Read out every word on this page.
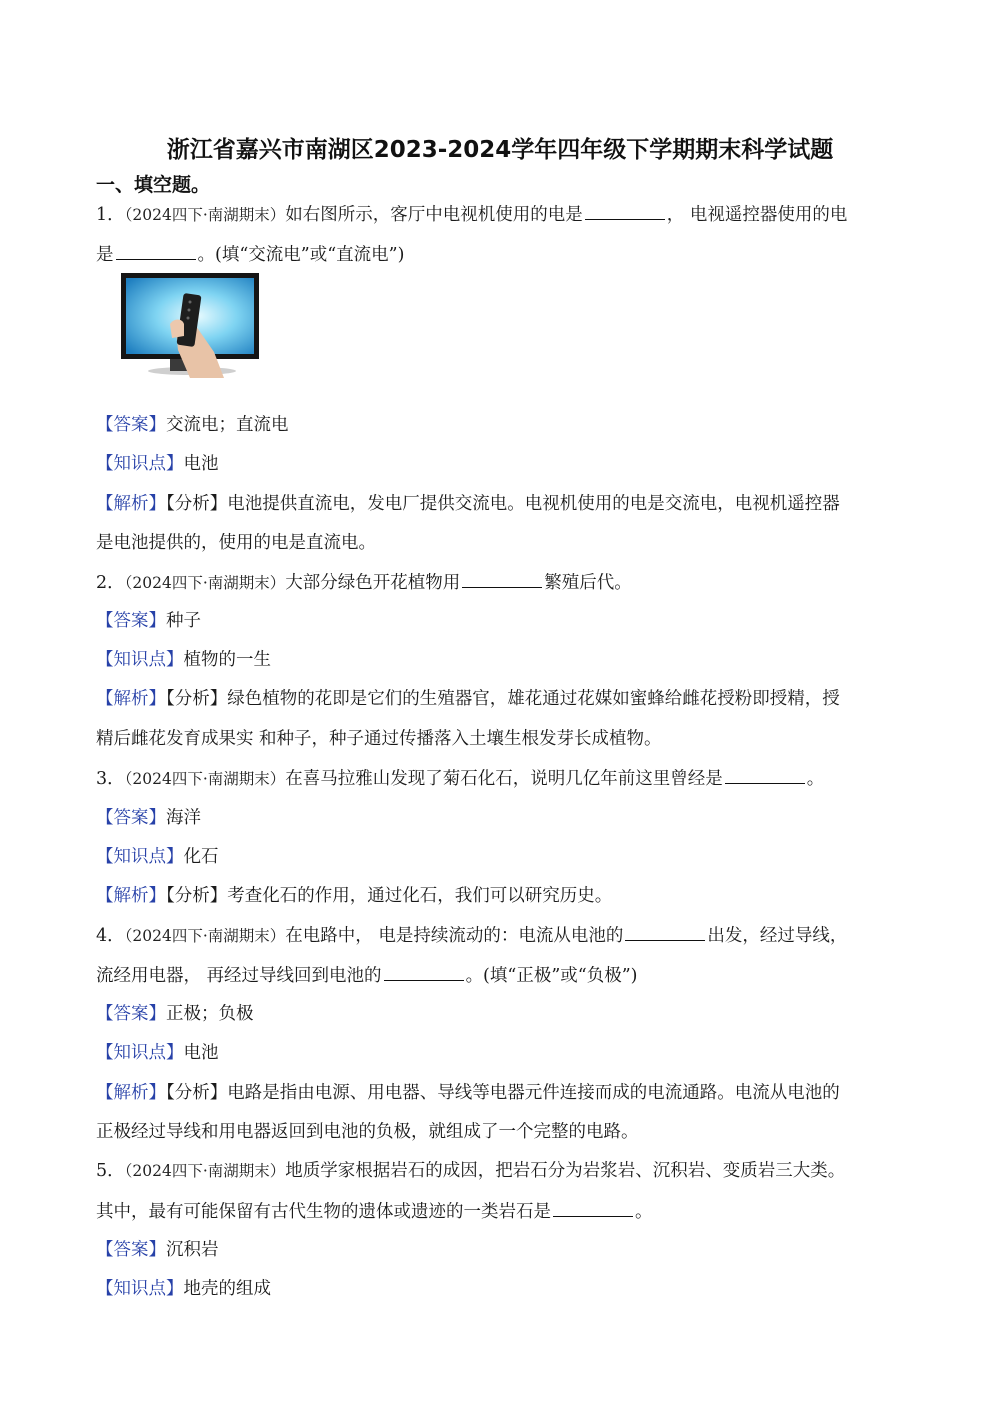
浙江省嘉兴市南湖区2023-2024学年四年级下学期期末科学试题
一、填空题。
1．（2024四下·南湖期末）如右图所示，客厅中电视机使用的电是	， 电视遥控器使用的电
是	。(填“交流电”或“直流电”)
【答案】交流电；直流电
【知识点】电池
【解析】【分析】电池提供直流电，发电厂提供交流电。电视机使用的电是交流电，电视机遥控器
是电池提供的，使用的电是直流电。
2．（2024四下·南湖期末）大部分绿色开花植物用	繁殖后代。
【答案】种子
【知识点】植物的一生
【解析】【分析】绿色植物的花即是它们的生殖器官，雄花通过花媒如蜜蜂给雌花授粉即授精，授
精后雌花发育成果实 和种子，种子通过传播落入土壤生根发芽长成植物。
3．（2024四下·南湖期末）在喜马拉雅山发现了菊石化石，说明几亿年前这里曾经是	。
【答案】海洋
【知识点】化石
【解析】【分析】考查化石的作用，通过化石，我们可以研究历史。
4．（2024四下·南湖期末）在电路中， 电是持续流动的：电流从电池的	出发，经过导线，
流经用电器， 再经过导线回到电池的	。(填“正极”或“负极”)
【答案】正极；负极
【知识点】电池
【解析】【分析】电路是指由电源、用电器、导线等电器元件连接而成的电流通路。电流从电池的
正极经过导线和用电器返回到电池的负极，就组成了一个完整的电路。
5．（2024四下·南湖期末）地质学家根据岩石的成因，把岩石分为岩浆岩、沉积岩、变质岩三大类。
其中，最有可能保留有古代生物的遗体或遗迹的一类岩石是	。
【答案】沉积岩
【知识点】地壳的组成
